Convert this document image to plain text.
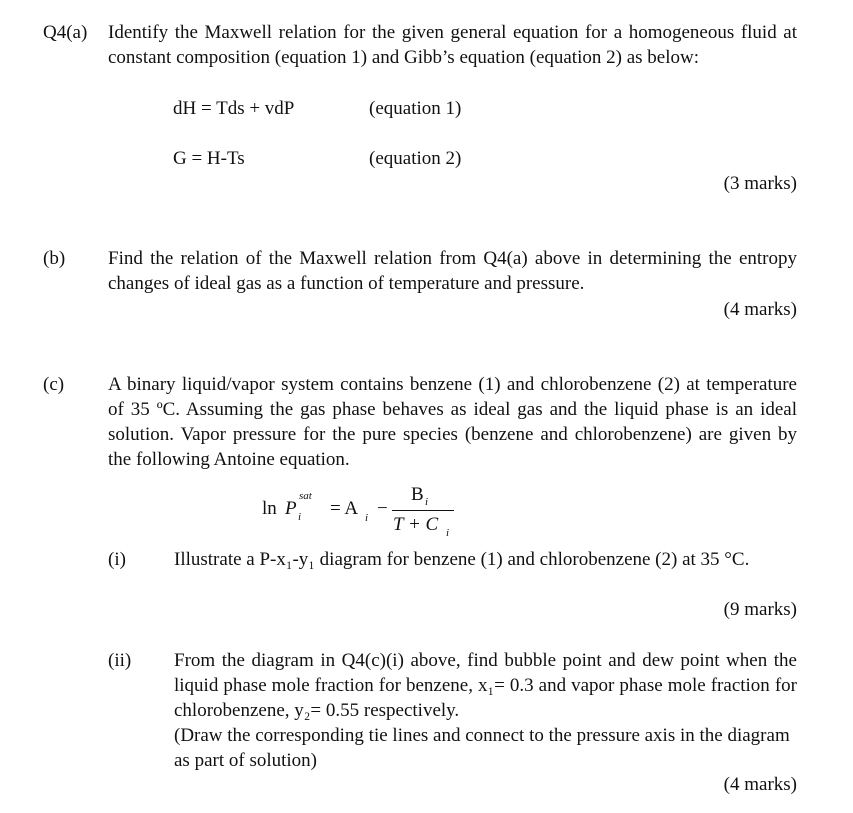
Q4(a) Identify the Maxwell relation for the given general equation for a homogeneous fluid at constant composition (equation 1) and Gibb’s equation (equation 2) as below:
dH = Tds + vdP	(equation 1)
G = H-Ts	(equation 2)
(3 marks)
(b) Find the relation of the Maxwell relation from Q4(a) above in determining the entropy changes of ideal gas as a function of temperature and pressure.
(4 marks)
(c) A binary liquid/vapor system contains benzene (1) and chlorobenzene (2) at temperature of 35 ºC. Assuming the gas phase behaves as ideal gas and the liquid phase is an ideal solution. Vapor pressure for the pure species (benzene and chlorobenzene) are given by the following Antoine equation.
ln P
sat
i = A i −
B i
T + C i
(i)	Illustrate a P-x₁-y₁ diagram for benzene (1) and chlorobenzene (2) at 35 °C.
(9 marks)
(ii) From the diagram in Q4(c)(i) above, find bubble point and dew point when the liquid phase mole fraction for benzene, x₁= 0.3 and vapor phase mole fraction for chlorobenzene, y₂= 0.55 respectively.
(Draw the corresponding tie lines and connect to the pressure axis in the diagram as part of solution)
(4 marks)
